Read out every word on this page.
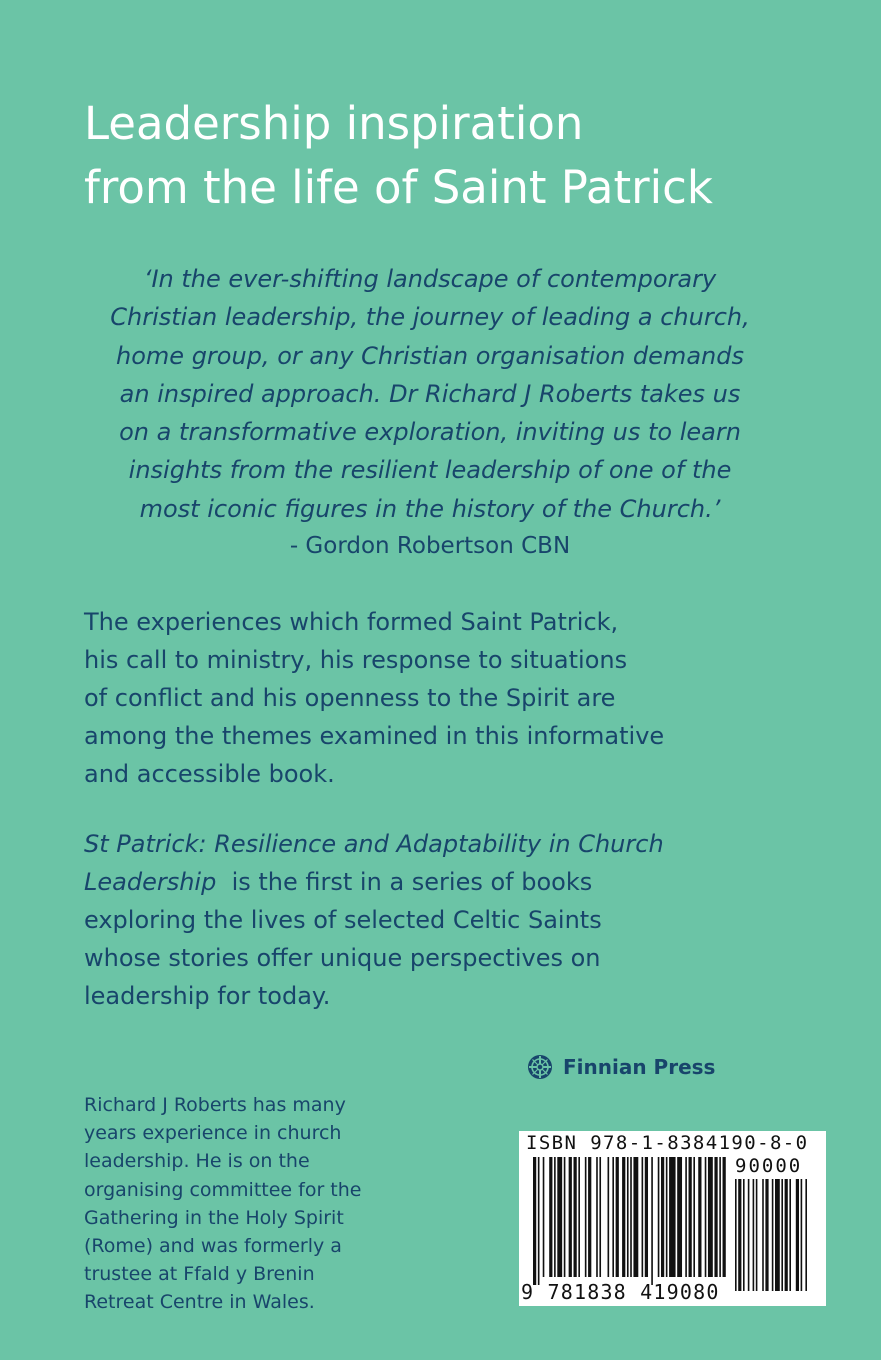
Leadership inspiration
from the life of Saint Patrick
‘In the ever-shifting landscape of contemporary
Christian leadership, the journey of leading a church,
home group, or any Christian organisation demands
an inspired approach. Dr Richard J Roberts takes us
on a transformative exploration, inviting us to learn
insights from the resilient leadership of one of the
most iconic figures in the history of the Church.’
- Gordon Robertson CBN
The experiences which formed Saint Patrick,
his call to ministry, his response to situations
of conflict and his openness to the Spirit are
among the themes examined in this informative
and accessible book.
St Patrick: Resilience and Adaptability in Church
Leadership  is the first in a series of books
exploring the lives of selected Celtic Saints
whose stories offer unique perspectives on
leadership for today.
Finnian Press
Richard J Roberts has many
years experience in church
leadership. He is on the
organising committee for the
Gathering in the Holy Spirit
(Rome) and was formerly a
trustee at Ffald y Brenin
Retreat Centre in Wales.
ISBN 978-1-8384190-8-0
90000
9 781838 419080
